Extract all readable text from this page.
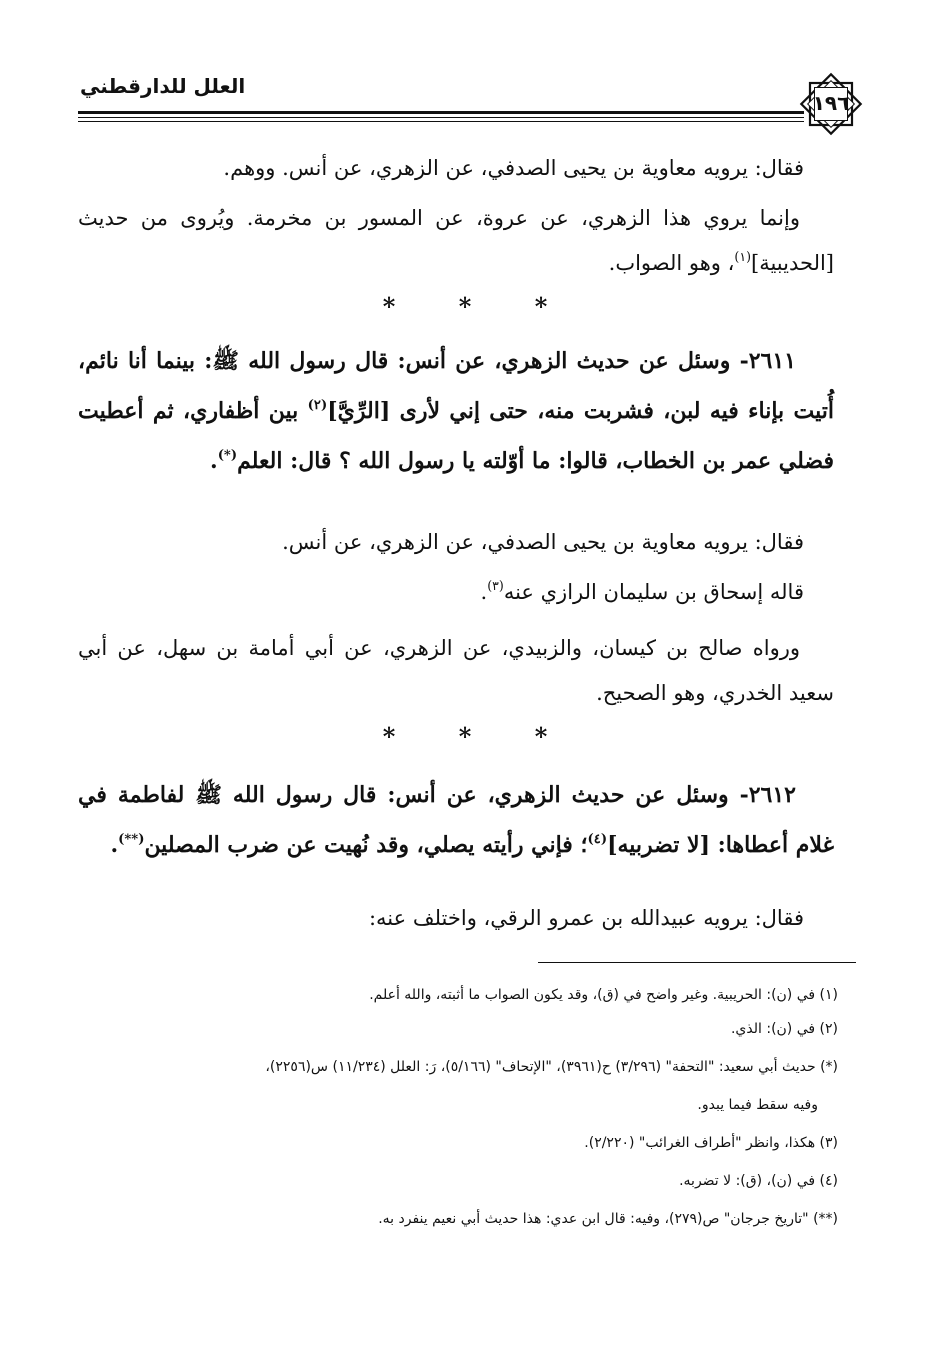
العلل للدارقطني
١٩٦

فقال: يرويه معاوية بن يحيى الصدفي، عن الزهري، عن أنس. ووهم.

وإنما يروي هذا الزهري، عن عروة، عن المسور بن مخرمة. ويُروى من حديث [الحديبية]$^{(١)}$، وهو الصواب.

*	*	*

٢٦١١- وسئل عن حديث الزهري، عن أنس: قال رسول الله ﷺ: بينما أنا نائم، أُتيت بإناء فيه لبن، فشربت منه، حتى إني لأرى [الرِّيَّ]$^{(٢)}$ بين أظفاري، ثم أعطيت فضلي عمر بن الخطاب، قالوا: ما أوّلته يا رسول الله ؟ قال: العلم(*).

فقال: يرويه معاوية بن يحيى الصدفي، عن الزهري، عن أنس.

قاله إسحاق بن سليمان الرازي عنه$^{(٣)}$.

ورواه صالح بن كيسان، والزبيدي، عن الزهري، عن أبي أمامة بن سهل، عن أبي سعيد الخدري، وهو الصحيح.

*	*	*

٢٦١٢- وسئل عن حديث الزهري، عن أنس: قال رسول الله ﷺ لفاطمة في غلام أعطاها: [لا تضربيه]$^{(٤)}$؛ فإني رأيته يصلي، وقد نُهيت عن ضرب المصلين(**).

فقال: يرويه عبيدالله بن عمرو الرقي، واختلف عنه:

(١) في (ن): الحريبية. وغير واضح في (ق)، وقد يكون الصواب ما أثبته، والله أعلم.

(٢) في (ن): الذي.

(*) حديث أبي سعيد: "التحفة" (٣/٢٩٦) ح(٣٩٦١)، "الإتحاف" (٥/١٦٦)، رَ: العلل (١١/٢٣٤) س(٢٢٥٦)،

وفيه سقط فيما يبدو.

(٣) هكذا، وانظر "أطراف الغرائب" (٢/٢٢٠).

(٤) في (ن)، (ق): لا تضربه.

(**) "تاريخ جرجان" ص(٢٧٩)، وفيه: قال ابن عدي: هذا حديث أبي نعيم ينفرد به.
